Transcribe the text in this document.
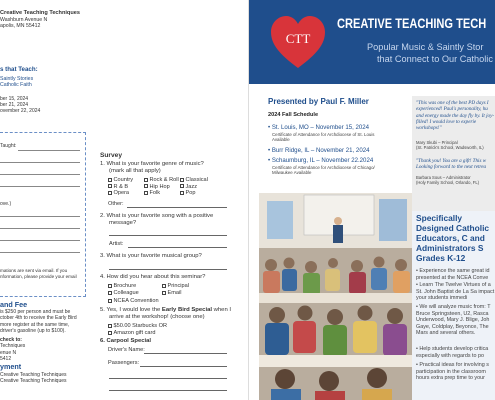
Creative Teaching Techniques
Washburn Avenue N
apolis, MN 55412
s that Teach:
Saintly Stories
Catholic Faith
ber 15, 2024
ber 21, 2024
ovember 22, 2024
Taught:
ove.)
mations are sent via email. If you
nformation, please provide your email
and Fee
is $250 per person and must be
ctober 4th to receive the Early Bird
more register at the same time,
driver's gasoline (up to $100).
check to:
Techniques
enue N
5412
yment
Creative Teaching Techniques
Creative Teaching Techniques
Survey
1. What is your favorite genre of music?
(mark all that apply)
Country	Rock & Roll	Classical
R & B	Hip Hop	Jazz
Opera	Folk	Pop
Other:
2. What is your favorite song with a positive
message?
Artist:
3. What is your favorite musical group?
4. How did you hear about this seminar?
Brochure	Principal
Colleague	Email
NCEA Convention
5. Yes, I would love the Early Bird Special when I
arrive at the workshop! (choose one)
$50.00 Starbucks OR
Amazon gift card
6. Carpool Special
Driver's Name:
Passengers:
CTT
CREATIVE TEACHING TECH
Popular Music & Saintly Stor
that Connect to Our Catholic
Presented by Paul F. Miller
2024 Fall Schedule
• St. Louis, MO – November 15, 2024
Certificate of Attendance for Archdiocese of St. Louis
Available
• Burr Ridge, IL – November 21, 2024
• Schaumburg, IL – November 22.2024
Certificate of Attendance for Archdiocese of Chicago/
Milwaukee Available
"This was one of the best PD days I experienced! Paul's personality, hu and energy made the day fly by. It joy-filled! I would love to experie workshops!"
Mary Skubi – Principal
(St. Patrick's School, Wadsworth, IL)
"Thank you! You are a gift! This w Looking forward to the next retrea
Barbara Sous – Administrator
(Holy Family School, Orlando, FL)
Specifically Designed Catholic Educators, C and Administrators S Grades K-12
• Experience the same great id presented at the NCEA Conve
• Learn The Twelve Virtues of a St. John Baptist de La Sa impact your students immedi
• We will analyze music from: T Bruce Springsteen, U2, Rasca Underwood, Mary J. Blige, Joh Gaye, Coldplay, Beyonce, The Mars and several others.
• Help students develop critica especially with regards to po
• Practical ideas for involving s participation in the classroom hours extra prep time to your
